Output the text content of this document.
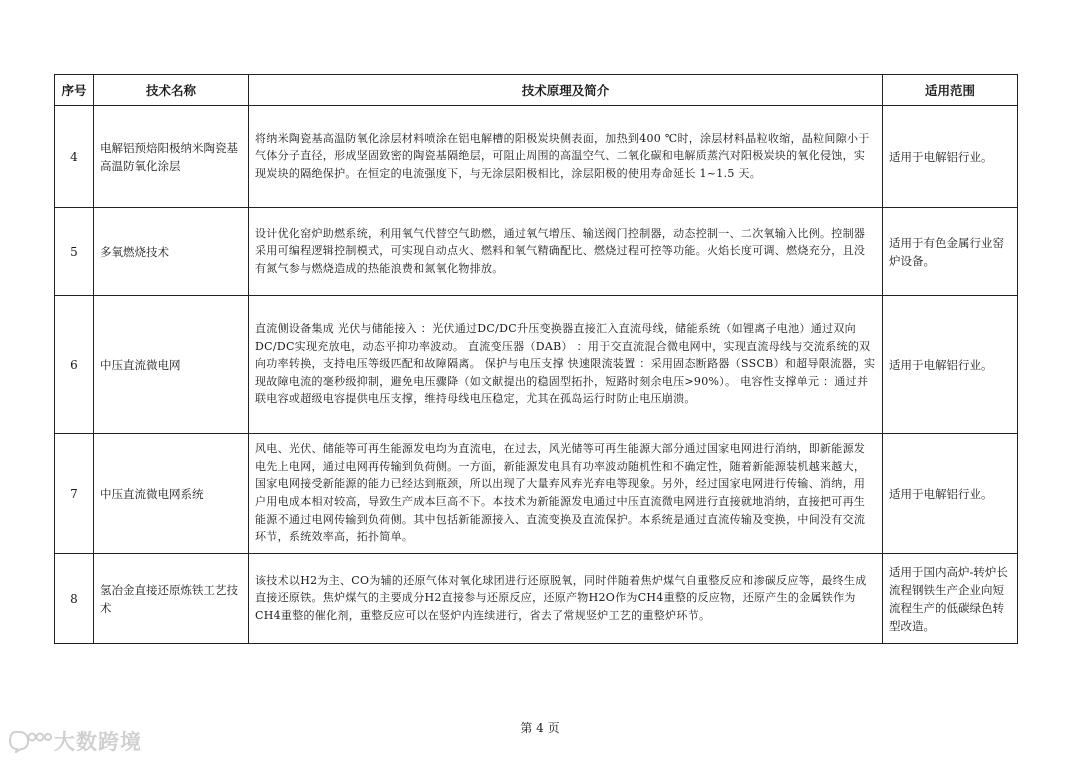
序号	技术名称	技术原理及简介	适用范围
4	电解铝预焙阳极纳米陶瓷基高温防氧化涂层	将纳米陶瓷基高温防氧化涂层材料喷涂在铝电解槽的阳极炭块侧表面，加热到400 ℃时，涂层材料晶粒收缩，晶粒间隙小于气体分子直径，形成坚固致密的陶瓷基隔绝层，可阻止周围的高温空气、二氧化碳和电解质蒸汽对阳极炭块的氧化侵蚀，实现炭块的隔绝保护。在恒定的电流强度下，与无涂层阳极相比，涂层阳极的使用寿命延长 1~1.5 天。	适用于电解铝行业。
5	多氧燃烧技术	设计优化窑炉助燃系统，利用氧气代替空气助燃，通过氧气增压、输送阀门控制器，动态控制一、二次氧输入比例。控制器采用可编程逻辑控制模式，可实现自动点火、燃料和氧气精确配比、燃烧过程可控等功能。火焰长度可调、燃烧充分，且没有氮气参与燃烧造成的热能浪费和氮氧化物排放。	适用于有色金属行业窑炉设备。
6	中压直流微电网	直流侧设备集成 光伏与储能接入 ：光伏通过DC/DC升压变换器直接汇入直流母线，储能系统（如锂离子电池）通过双向DC/DC实现充放电，动态平抑功率波动。 直流变压器（DAB） ：用于交直流混合微电网中，实现直流母线与交流系统的双向功率转换，支持电压等级匹配和故障隔离。 保护与电压支撑 快速限流装置 ：采用固态断路器（SSCB）和超导限流器，实现故障电流的毫秒级抑制，避免电压骤降（如文献提出的稳固型拓扑，短路时刻余电压>90%）。 电容性支撑单元 ：通过并联电容或超级电容提供电压支撑，维持母线电压稳定，尤其在孤岛运行时防止电压崩溃。	适用于电解铝行业。
7	中压直流微电网系统	风电、光伏、储能等可再生能源发电均为直流电，在过去，风光储等可再生能源大部分通过国家电网进行消纳，即新能源发电先上电网，通过电网再传输到负荷侧。一方面，新能源发电具有功率波动随机性和不确定性，随着新能源装机越来越大，国家电网接受新能源的能力已经达到瓶颈，所以出现了大量弃风弃光弃电等现象。另外，经过国家电网进行传输、消纳，用户用电成本相对较高，导致生产成本巨高不下。本技术为新能源发电通过中压直流微电网进行直接就地消纳，直接把可再生能源不通过电网传输到负荷侧。其中包括新能源接入、直流变换及直流保护。本系统是通过直流传输及变换，中间没有交流环节，系统效率高，拓扑简单。	适用于电解铝行业。
8	氢冶金直接还原炼铁工艺技术	该技术以H2为主、CO为辅的还原气体对氧化球团进行还原脱氧，同时伴随着焦炉煤气自重整反应和渗碳反应等，最终生成直接还原铁。焦炉煤气的主要成分H2直接参与还原反应，还原产物H2O作为CH4重整的反应物，还原产生的金属铁作为CH4重整的催化剂，重整反应可以在竖炉内连续进行，省去了常规竖炉工艺的重整炉环节。	适用于国内高炉-转炉长流程钢铁生产企业向短流程生产的低碳绿色转型改造。
第 4 页
大数跨境
